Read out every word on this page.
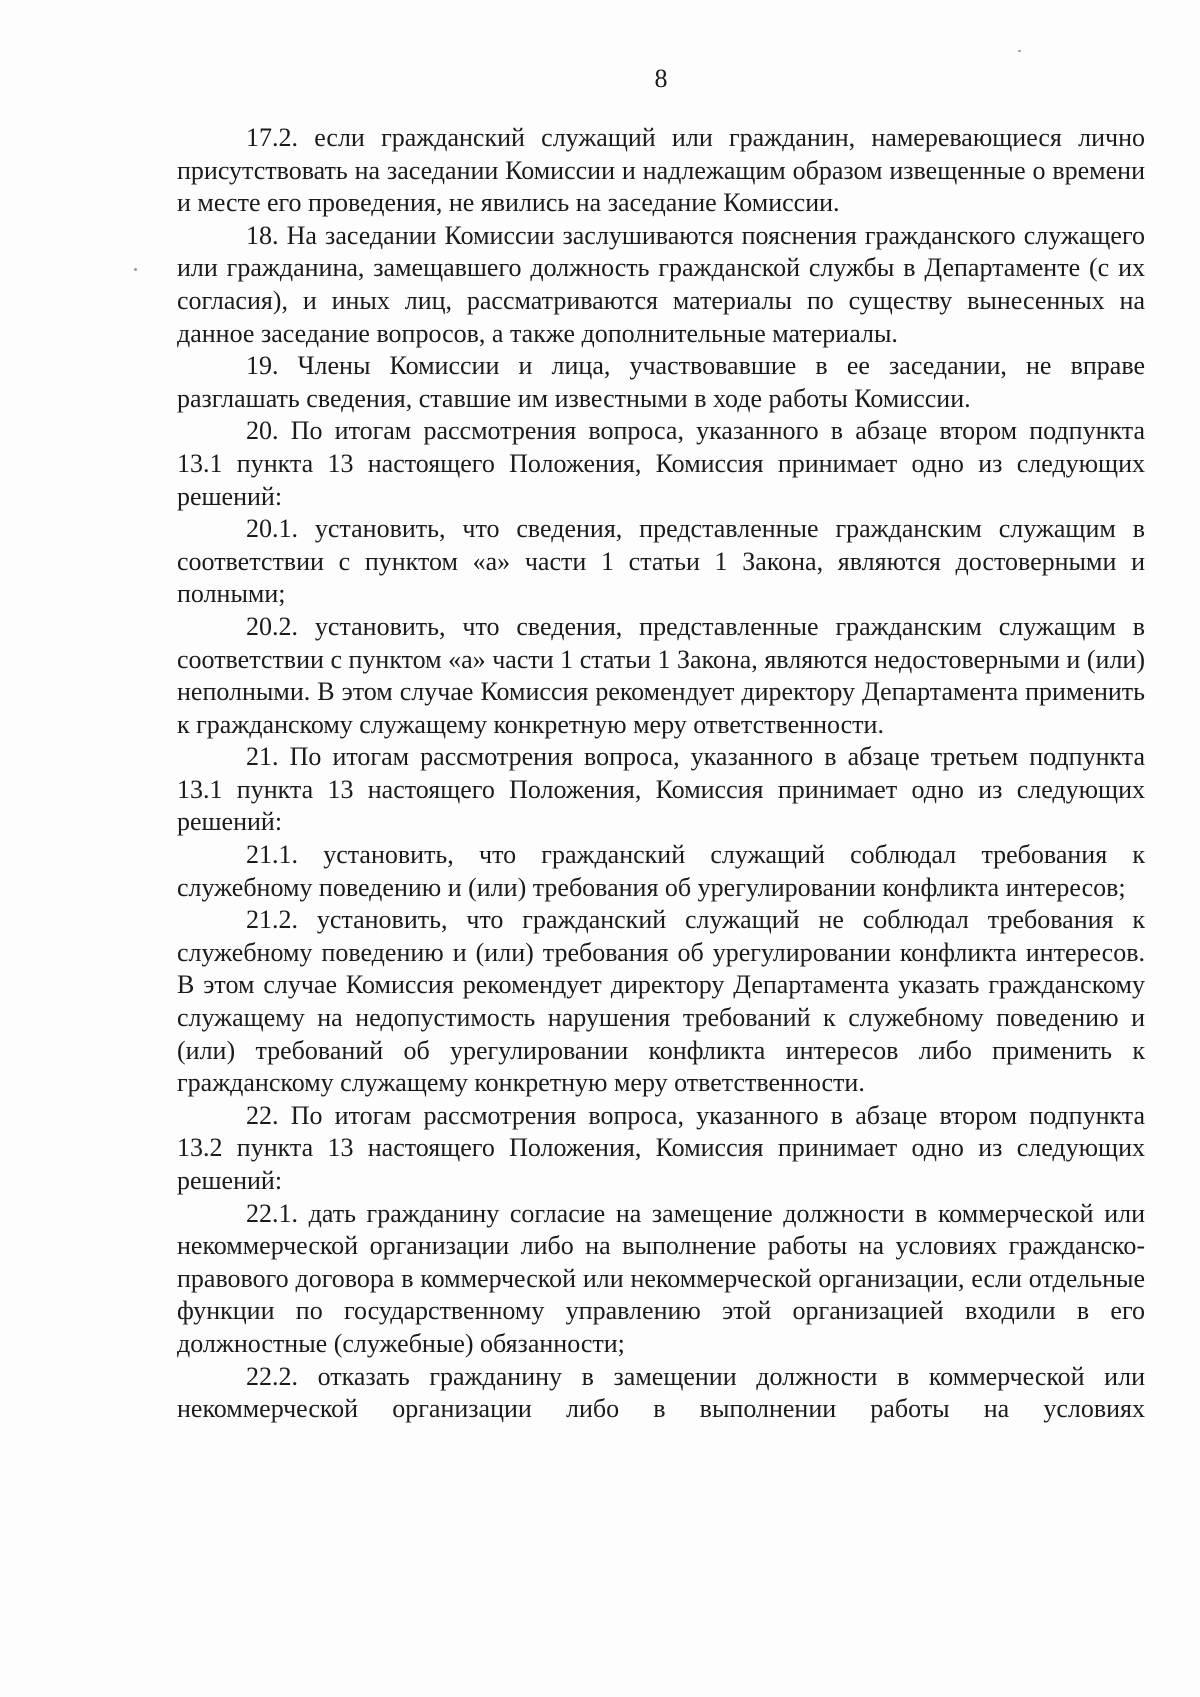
8

17.2. если гражданский служащий или гражданин, намеревающиеся лично присутствовать на заседании Комиссии и надлежащим образом извещенные о времени и месте его проведения, не явились на заседание Комиссии.

18. На заседании Комиссии заслушиваются пояснения гражданского служащего или гражданина, замещавшего должность гражданской службы в Департаменте (с их согласия), и иных лиц, рассматриваются материалы по существу вынесенных на данное заседание вопросов, а также дополнительные материалы.

19. Члены Комиссии и лица, участвовавшие в ее заседании, не вправе разглашать сведения, ставшие им известными в ходе работы Комиссии.

20. По итогам рассмотрения вопроса, указанного в абзаце втором подпункта 13.1 пункта 13 настоящего Положения, Комиссия принимает одно из следующих решений:

20.1. установить, что сведения, представленные гражданским служащим в соответствии с пунктом «а» части 1 статьи 1 Закона, являются достоверными и полными;

20.2. установить, что сведения, представленные гражданским служащим в соответствии с пунктом «а» части 1 статьи 1 Закона, являются недостоверными и (или) неполными. В этом случае Комиссия рекомендует директору Департамента применить к гражданскому служащему конкретную меру ответственности.

21. По итогам рассмотрения вопроса, указанного в абзаце третьем подпункта 13.1 пункта 13 настоящего Положения, Комиссия принимает одно из следующих решений:

21.1. установить, что гражданский служащий соблюдал требования к служебному поведению и (или) требования об урегулировании конфликта интересов;

21.2. установить, что гражданский служащий не соблюдал требования к служебному поведению и (или) требования об урегулировании конфликта интересов. В этом случае Комиссия рекомендует директору Департамента указать гражданскому служащему на недопустимость нарушения требований к служебному поведению и (или) требований об урегулировании конфликта интересов либо применить к гражданскому служащему конкретную меру ответственности.

22. По итогам рассмотрения вопроса, указанного в абзаце втором подпункта 13.2 пункта 13 настоящего Положения, Комиссия принимает одно из следующих решений:

22.1. дать гражданину согласие на замещение должности в коммерческой или некоммерческой организации либо на выполнение работы на условиях гражданско-правового договора в коммерческой или некоммерческой организации, если отдельные функции по государственному управлению этой организацией входили в его должностные (служебные) обязанности;

22.2. отказать гражданину в замещении должности в коммерческой или некоммерческой организации либо в выполнении работы на условиях
